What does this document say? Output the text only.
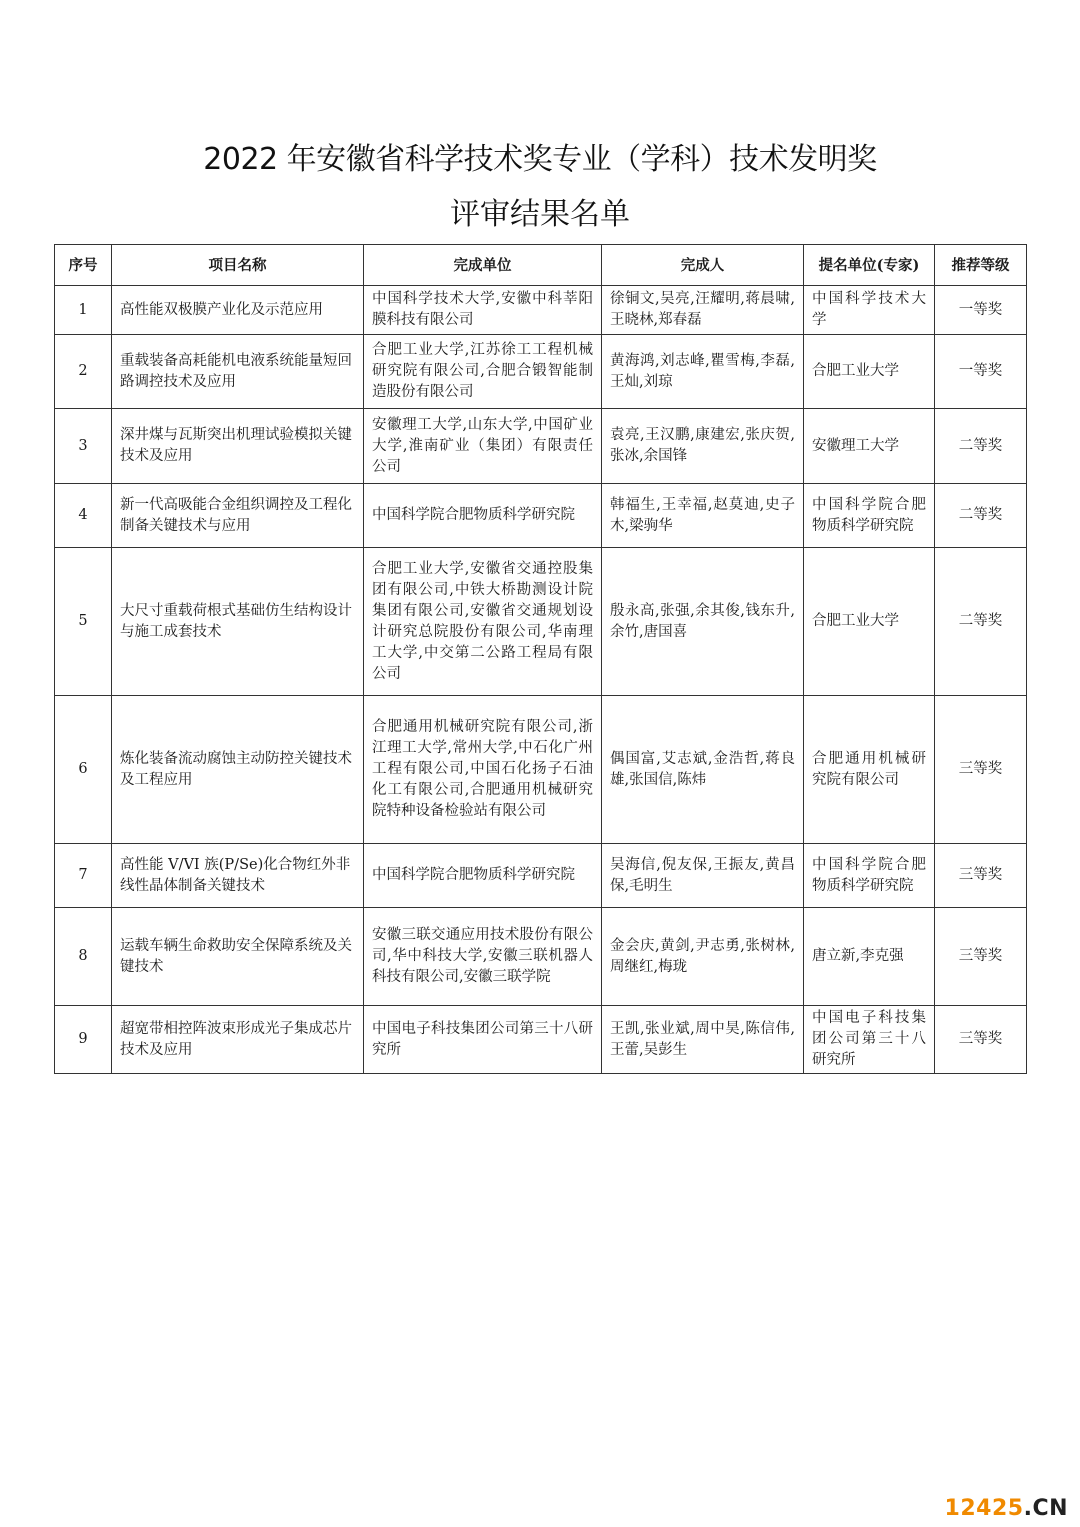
2022 年安徽省科学技术奖专业（学科）技术发明奖
评审结果名单
序号	项目名称	完成单位	完成人	提名单位(专家)	推荐等级
1	高性能双极膜产业化及示范应用	中国科学技术大学,安徽中科莘阳膜科技有限公司	徐铜文,吴亮,汪耀明,蒋晨啸,王晓林,郑春磊	中国科学技术大学	一等奖
2	重载装备高耗能机电液系统能量短回路调控技术及应用	合肥工业大学,江苏徐工工程机械研究院有限公司,合肥合锻智能制造股份有限公司	黄海鸿,刘志峰,瞿雪梅,李磊,王灿,刘琼	合肥工业大学	一等奖
3	深井煤与瓦斯突出机理试验模拟关键技术及应用	安徽理工大学,山东大学,中国矿业大学,淮南矿业（集团）有限责任公司	袁亮,王汉鹏,康建宏,张庆贺,张冰,余国锋	安徽理工大学	二等奖
4	新一代高吸能合金组织调控及工程化制备关键技术与应用	中国科学院合肥物质科学研究院	韩福生,王幸福,赵莫迪,史子木,梁驹华	中国科学院合肥物质科学研究院	二等奖
5	大尺寸重载荷根式基础仿生结构设计与施工成套技术	合肥工业大学,安徽省交通控股集团有限公司,中铁大桥勘测设计院集团有限公司,安徽省交通规划设计研究总院股份有限公司,华南理工大学,中交第二公路工程局有限公司	殷永高,张强,余其俊,钱东升,余竹,唐国喜	合肥工业大学	二等奖
6	炼化装备流动腐蚀主动防控关键技术及工程应用	合肥通用机械研究院有限公司,浙江理工大学,常州大学,中石化广州工程有限公司,中国石化扬子石油化工有限公司,合肥通用机械研究院特种设备检验站有限公司	偶国富,艾志斌,金浩哲,蒋良雄,张国信,陈炜	合肥通用机械研究院有限公司	三等奖
7	高性能 V/VI 族(P/Se)化合物红外非线性晶体制备关键技术	中国科学院合肥物质科学研究院	吴海信,倪友保,王振友,黄昌保,毛明生	中国科学院合肥物质科学研究院	三等奖
8	运载车辆生命救助安全保障系统及关键技术	安徽三联交通应用技术股份有限公司,华中科技大学,安徽三联机器人科技有限公司,安徽三联学院	金会庆,黄剑,尹志勇,张树林,周继红,梅珑	唐立新,李克强	三等奖
9	超宽带相控阵波束形成光子集成芯片技术及应用	中国电子科技集团公司第三十八研究所	王凯,张业斌,周中昊,陈信伟,王蕾,吴彭生	中国电子科技集团公司第三十八研究所	三等奖
12425.CN
